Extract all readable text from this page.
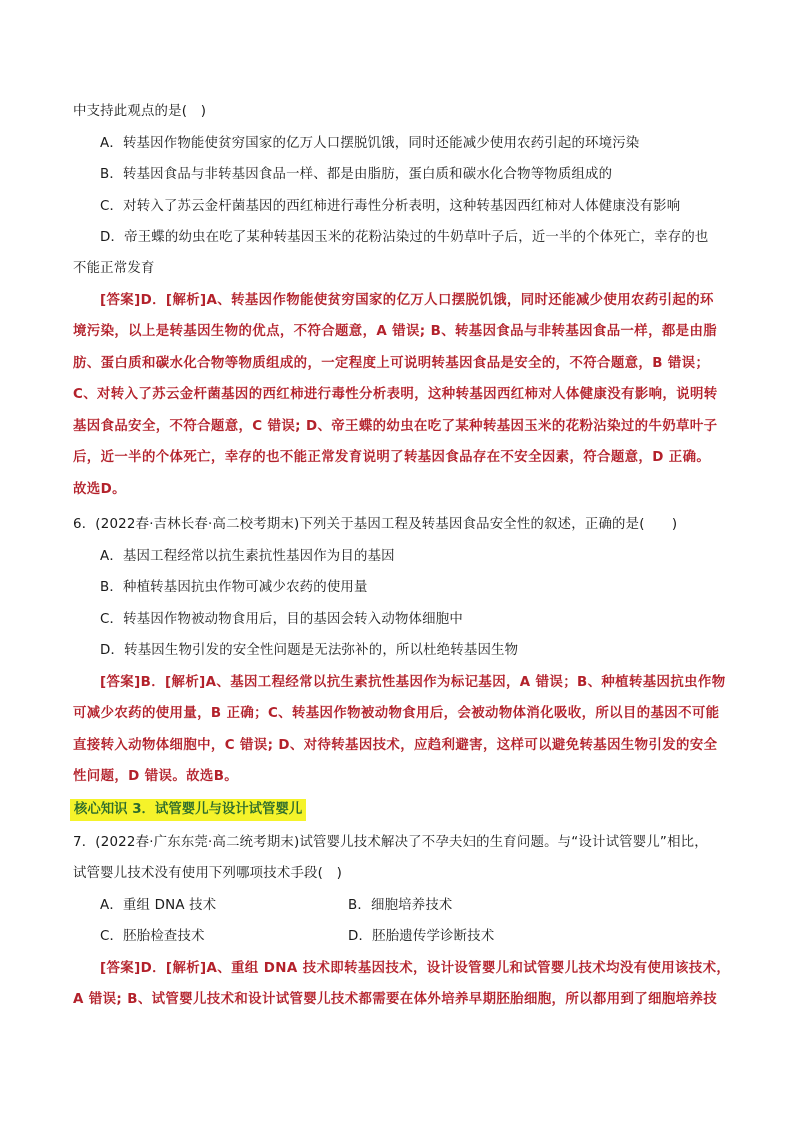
中支持此观点的是(　)
A．转基因作物能使贫穷国家的亿万人口摆脱饥饿，同时还能减少使用农药引起的环境污染
B．转基因食品与非转基因食品一样、都是由脂肪，蛋白质和碳水化合物等物质组成的
C．对转入了苏云金杆菌基因的西红柿进行毒性分析表明，这种转基因西红柿对人体健康没有影响
D．帝王蝶的幼虫在吃了某种转基因玉米的花粉沾染过的牛奶草叶子后，近一半的个体死亡，幸存的也
不能正常发育
[答案]D．[解析]A、转基因作物能使贫穷国家的亿万人口摆脱饥饿，同时还能减少使用农药引起的环
境污染，以上是转基因生物的优点，不符合题意，A 错误; B、转基因食品与非转基因食品一样，都是由脂
肪、蛋白质和碳水化合物等物质组成的，一定程度上可说明转基因食品是安全的，不符合题意，B 错误；
C、对转入了苏云金杆菌基因的西红柿进行毒性分析表明，这种转基因西红柿对人体健康没有影响，说明转
基因食品安全，不符合题意，C 错误; D、帝王蝶的幼虫在吃了某种转基因玉米的花粉沾染过的牛奶草叶子
后，近一半的个体死亡，幸存的也不能正常发育说明了转基因食品存在不安全因素，符合题意，D 正确。
故选D。
6．(2022春·吉林长春·高二校考期末)下列关于基因工程及转基因食品安全性的叙述，正确的是(　　)
A．基因工程经常以抗生素抗性基因作为目的基因
B．种植转基因抗虫作物可减少农药的使用量
C．转基因作物被动物食用后，目的基因会转入动物体细胞中
D．转基因生物引发的安全性问题是无法弥补的，所以杜绝转基因生物
[答案]B．[解析]A、基因工程经常以抗生素抗性基因作为标记基因，A 错误；B、种植转基因抗虫作物
可减少农药的使用量，B 正确；C、转基因作物被动物食用后，会被动物体消化吸收，所以目的基因不可能
直接转入动物体细胞中，C 错误; D、对待转基因技术，应趋利避害，这样可以避免转基因生物引发的安全
性问题，D 错误。故选B。
核心知识 3．试管婴儿与设计试管婴儿
7．(2022春·广东东莞·高二统考期末)试管婴儿技术解决了不孕夫妇的生育问题。与“设计试管婴儿”相比，
试管婴儿技术没有使用下列哪项技术手段(　)
A．重组 DNA 技术	B．细胞培养技术
C．胚胎检查技术	D．胚胎遗传学诊断技术
[答案]D．[解析]A、重组 DNA 技术即转基因技术，设计设管婴儿和试管婴儿技术均没有使用该技术，
A 错误; B、试管婴儿技术和设计试管婴儿技术都需要在体外培养早期胚胎细胞，所以都用到了细胞培养技
